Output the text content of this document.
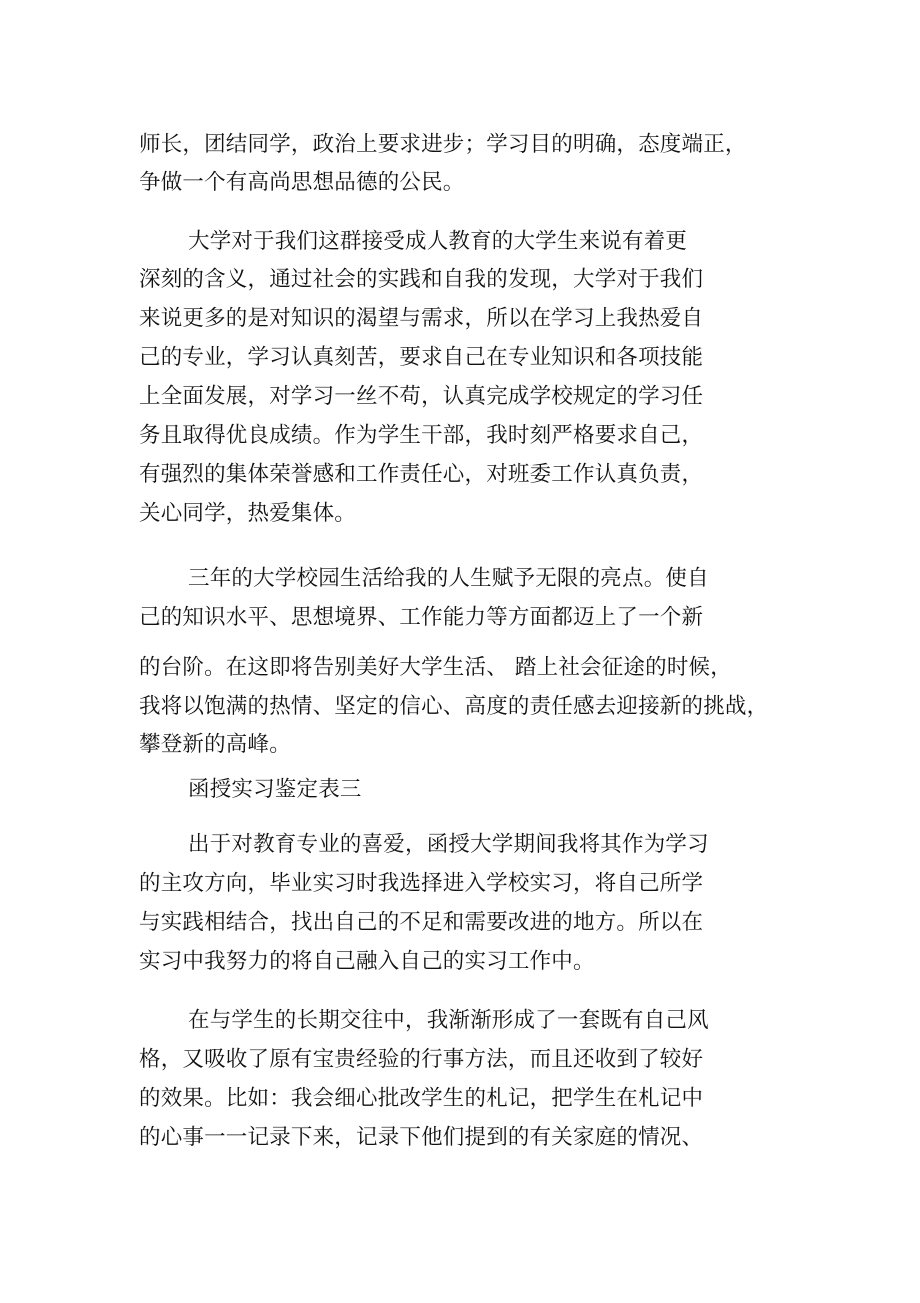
师长，团结同学，政治上要求进步；学习目的明确，态度端正，
争做一个有高尚思想品德的公民。
大学对于我们这群接受成人教育的大学生来说有着更
深刻的含义，通过社会的实践和自我的发现，大学对于我们
来说更多的是对知识的渴望与需求，所以在学习上我热爱自
己的专业，学习认真刻苦，要求自己在专业知识和各项技能
上全面发展，对学习一丝不苟，认真完成学校规定的学习任
务且取得优良成绩。作为学生干部，我时刻严格要求自己，
有强烈的集体荣誉感和工作责任心，对班委工作认真负责，
关心同学，热爱集体。
三年的大学校园生活给我的人生赋予无限的亮点。使自
己的知识水平、思想境界、工作能力等方面都迈上了一个新
的台阶。在这即将告别美好大学生活、 踏上社会征途的时候，
我将以饱满的热情、坚定的信心、高度的责任感去迎接新的挑战，
攀登新的高峰。
函授实习鉴定表三
出于对教育专业的喜爱，函授大学期间我将其作为学习
的主攻方向，毕业实习时我选择进入学校实习，将自己所学
与实践相结合，找出自己的不足和需要改进的地方。所以在
实习中我努力的将自己融入自己的实习工作中。
在与学生的长期交往中，我渐渐形成了一套既有自己风
格，又吸收了原有宝贵经验的行事方法，而且还收到了较好
的效果。比如：我会细心批改学生的札记，把学生在札记中
的心事一一记录下来，记录下他们提到的有关家庭的情况、
